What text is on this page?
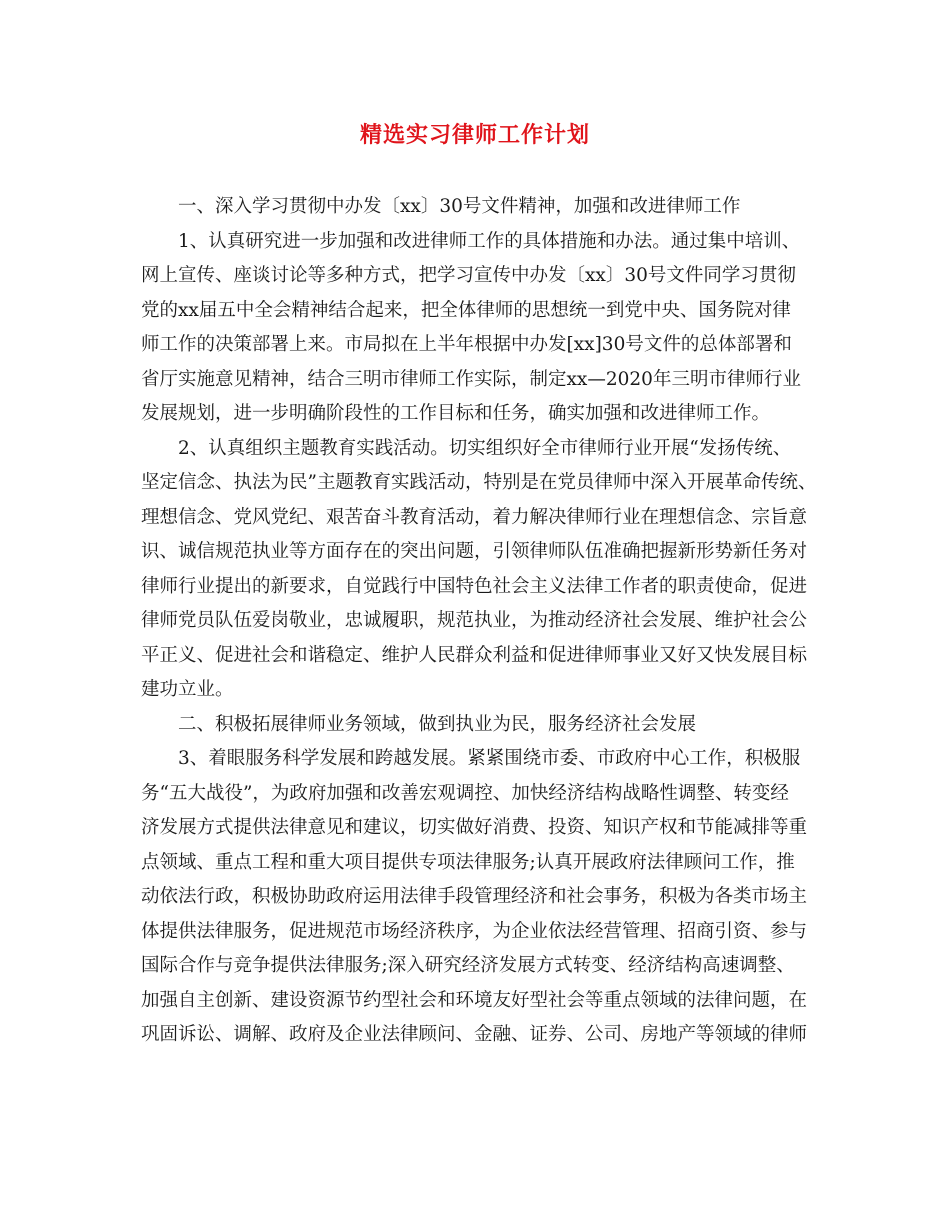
精选实习律师工作计划
一、深入学习贯彻中办发〔xx〕30号文件精神，加强和改进律师工作
1、认真研究进一步加强和改进律师工作的具体措施和办法。通过集中培训、
网上宣传、座谈讨论等多种方式，把学习宣传中办发〔xx〕30号文件同学习贯彻
党的xx届五中全会精神结合起来，把全体律师的思想统一到党中央、国务院对律
师工作的决策部署上来。市局拟在上半年根据中办发[xx]30号文件的总体部署和
省厅实施意见精神，结合三明市律师工作实际，制定xx—2020年三明市律师行业
发展规划，进一步明确阶段性的工作目标和任务，确实加强和改进律师工作。
2、认真组织主题教育实践活动。切实组织好全市律师行业开展“发扬传统、
坚定信念、执法为民”主题教育实践活动，特别是在党员律师中深入开展革命传统、
理想信念、党风党纪、艰苦奋斗教育活动，着力解决律师行业在理想信念、宗旨意
识、诚信规范执业等方面存在的突出问题，引领律师队伍准确把握新形势新任务对
律师行业提出的新要求，自觉践行中国特色社会主义法律工作者的职责使命，促进
律师党员队伍爱岗敬业，忠诚履职，规范执业，为推动经济社会发展、维护社会公
平正义、促进社会和谐稳定、维护人民群众利益和促进律师事业又好又快发展目标
建功立业。
二、积极拓展律师业务领域，做到执业为民，服务经济社会发展
3、着眼服务科学发展和跨越发展。紧紧围绕市委、市政府中心工作，积极服
务“五大战役”，为政府加强和改善宏观调控、加快经济结构战略性调整、转变经
济发展方式提供法律意见和建议，切实做好消费、投资、知识产权和节能减排等重
点领域、重点工程和重大项目提供专项法律服务;认真开展政府法律顾问工作，推
动依法行政，积极协助政府运用法律手段管理经济和社会事务，积极为各类市场主
体提供法律服务，促进规范市场经济秩序，为企业依法经营管理、招商引资、参与
国际合作与竞争提供法律服务;深入研究经济发展方式转变、经济结构高速调整、
加强自主创新、建设资源节约型社会和环境友好型社会等重点领域的法律问题，在
巩固诉讼、调解、政府及企业法律顾问、金融、证券、公司、房地产等领域的律师
